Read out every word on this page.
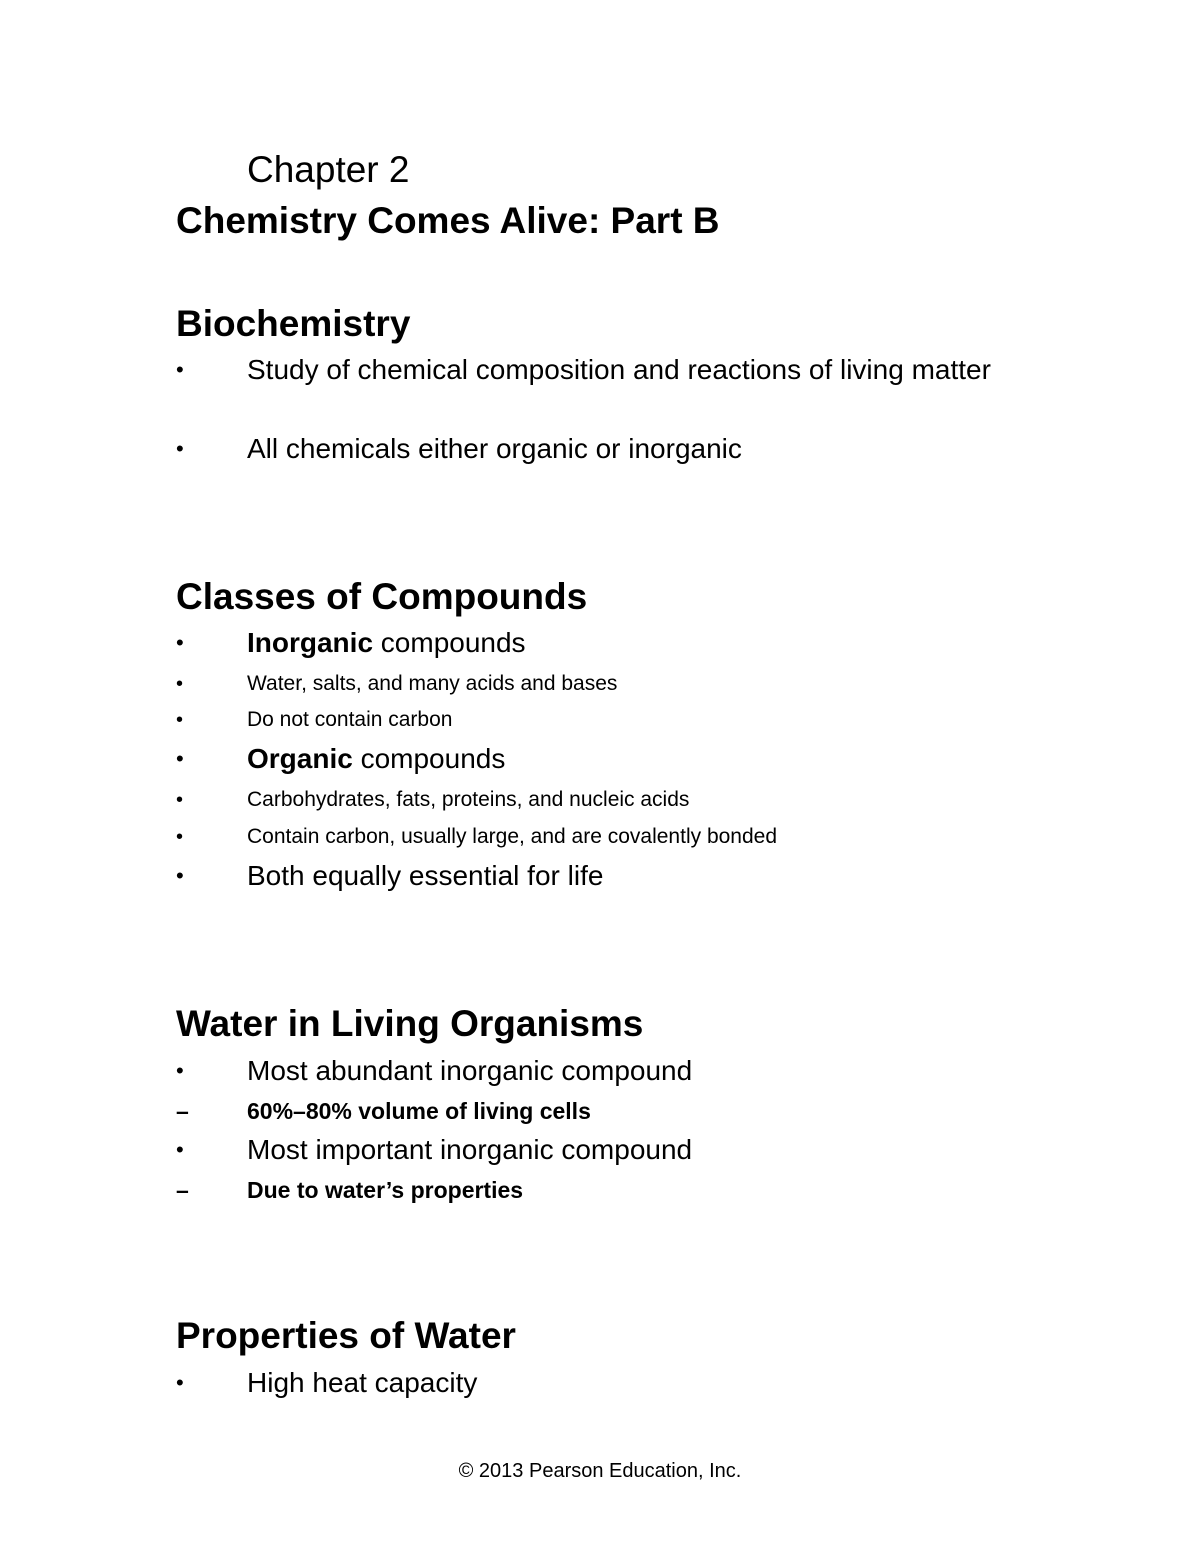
Chapter 2
Chemistry Comes Alive: Part B
Biochemistry
•	Study of chemical composition and reactions of living matter
•	All chemicals either organic or inorganic
Classes of Compounds
•	Inorganic compounds
•	Water, salts, and many acids and bases
•	Do not contain carbon
•	Organic compounds
•	Carbohydrates, fats, proteins, and nucleic acids
•	Contain carbon, usually large, and are covalently bonded
•	Both equally essential for life
Water in Living Organisms
•	Most abundant inorganic compound
–	60%–80% volume of living cells
•	Most important inorganic compound
–	Due to water’s properties
Properties of Water
•	High heat capacity
© 2013 Pearson Education, Inc.
